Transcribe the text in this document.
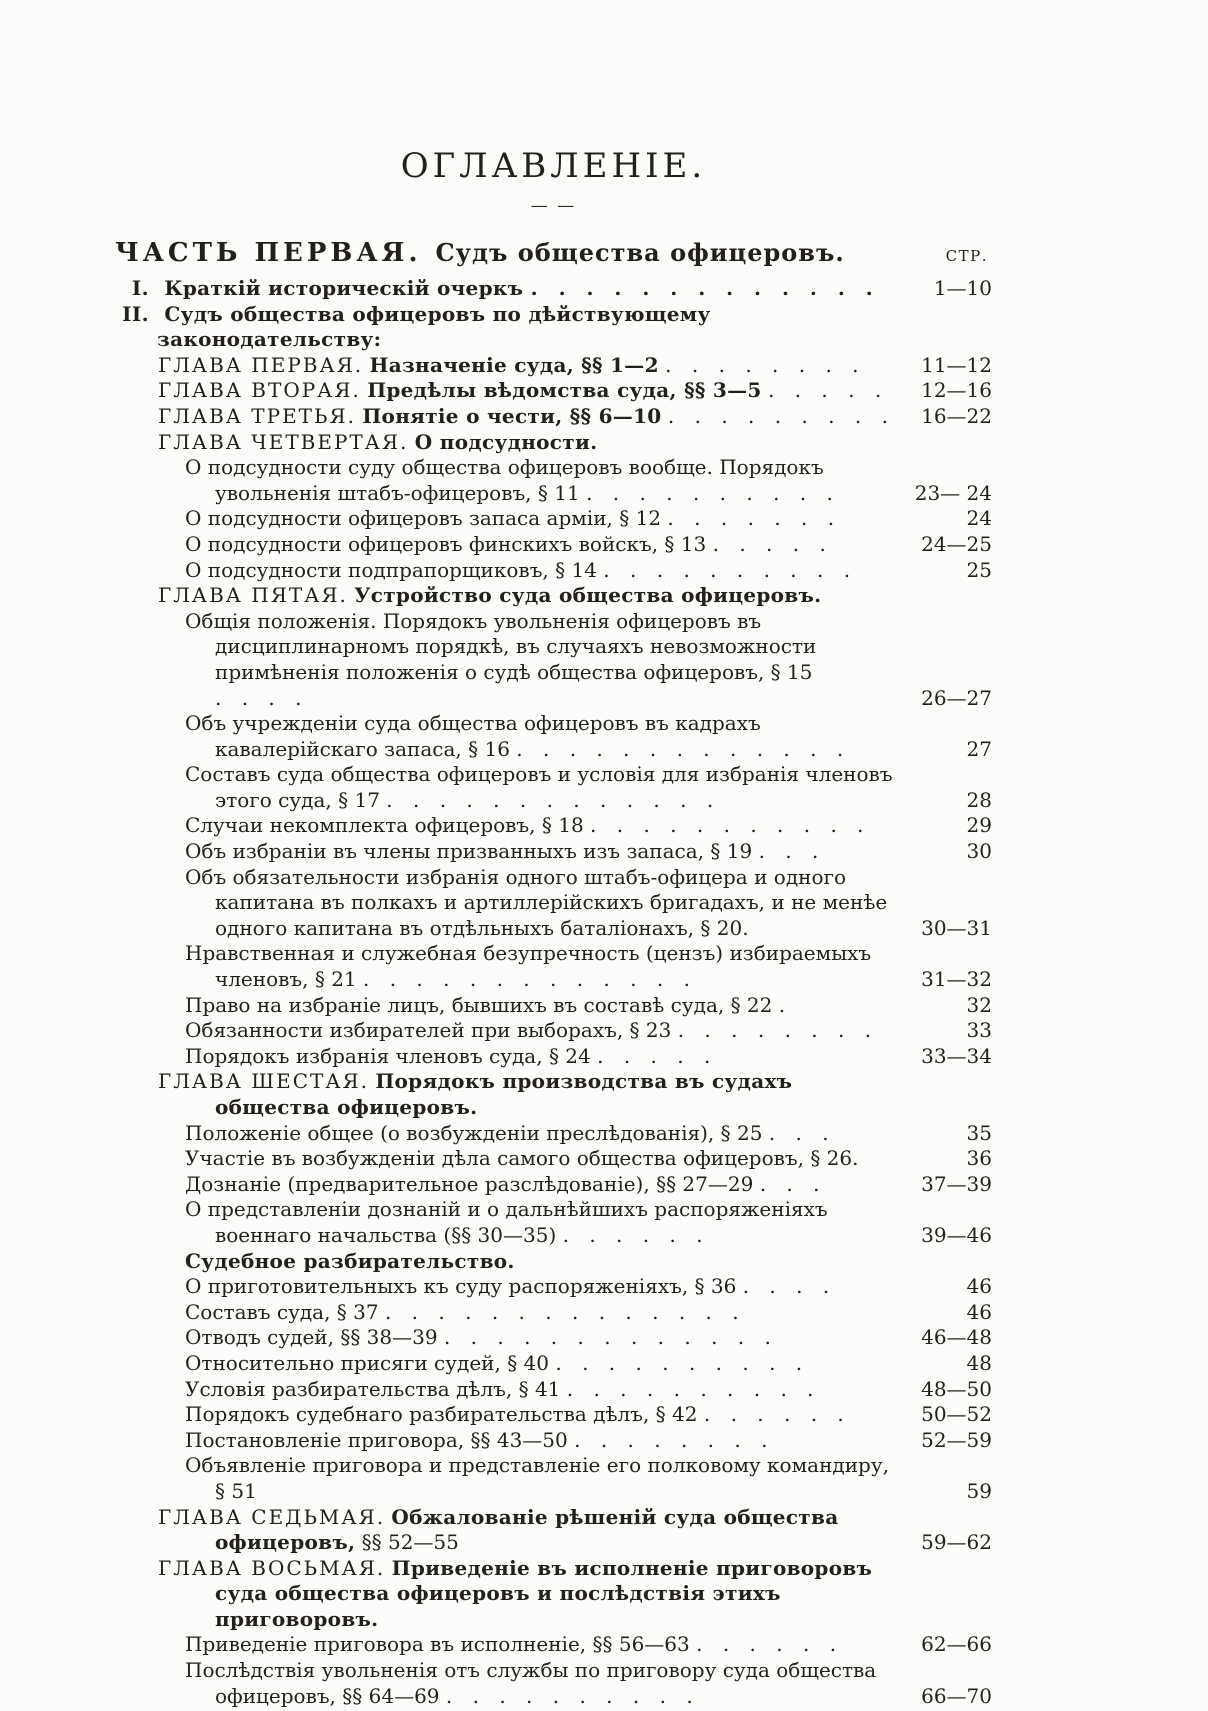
ОГЛАВЛЕНІЕ.
— —
ЧАСТЬ ПЕРВАЯ. Судъ общества офицеровъ.	СТР.
I. Краткій историческій очеркъ . . . . . . . . . . . . .	1—10
II. Судъ общества офицеровъ по дѣйствующему законодательству:
ГЛАВА ПЕРВАЯ. Назначеніе суда, §§ 1—2 . . . . . . . .	11—12
ГЛАВА ВТОРАЯ. Предѣлы вѣдомства суда, §§ 3—5 . . . . .	12—16
ГЛАВА ТРЕТЬЯ. Понятіе о чести, §§ 6—10 . . . . . . . . .	16—22
ГЛАВА ЧЕТВЕРТАЯ. О подсудности.
О подсудности суду общества офицеровъ вообще. Порядокъ увольненія штабъ-офицеровъ, § 11 . . . . . . . . . .	23— 24
О подсудности офицеровъ запаса арміи, § 12 . . . . . . .	24
О подсудности офицеровъ финскихъ войскъ, § 13 . . . . .	24—25
О подсудности подпрапорщиковъ, § 14 . . . . . . . . . .	25
ГЛАВА ПЯТАЯ. Устройство суда общества офицеровъ.
Общія положенія. Порядокъ увольненія офицеровъ въ дисциплинарномъ порядкѣ, въ случаяхъ невозможности примѣненія положенія о судѣ общества офицеровъ, § 15 . . . .	26—27
Объ учрежденіи суда общества офицеровъ въ кадрахъ кавалерійскаго запаса, § 16 . . . . . . . . . . . . .	27
Составъ суда общества офицеровъ и условія для избранія членовъ этого суда, § 17 . . . . . . . . . . . . .	28
Случаи некомплекта офицеровъ, § 18 . . . . . . . . . . .	29
Объ избраніи въ члены призванныхъ изъ запаса, § 19 . . .	30
Объ обязательности избранія одного штабъ-офицера и одного капитана въ полкахъ и артиллерійскихъ бригадахъ, и не менѣе одного капитана въ отдѣльныхъ баталіонахъ, § 20.	30—31
Нравственная и служебная безупречность (цензъ) избираемыхъ членовъ, § 21 . . . . . . . . . . . . .	31—32
Право на избраніе лицъ, бывшихъ въ составѣ суда, § 22 .	32
Обязанности избирателей при выборахъ, § 23 . . . . . . . .	33
Порядокъ избранія членовъ суда, § 24 . . . . .	33—34
ГЛАВА ШЕСТАЯ. Порядокъ производства въ судахъ общества офицеровъ.
Положеніе общее (о возбужденіи преслѣдованія), § 25 . . .	35
Участіе въ возбужденіи дѣла самого общества офицеровъ, § 26.	36
Дознаніе (предварительное разслѣдованіе), §§ 27—29 . . .	37—39
О представленіи дознаній и о дальнѣйшихъ распоряженіяхъ военнаго начальства (§§ 30—35) . . . . . .	39—46
Судебное разбирательство.
О приготовительныхъ къ суду распоряженіяхъ, § 36 . . . .	46
Составъ суда, § 37 . . . . . . . . . . . . . .	46
Отводъ судей, §§ 38—39 . . . . . . . . . . . . .	46—48
Относительно присяги судей, § 40 . . . . . . . . . .	48
Условія разбирательства дѣлъ, § 41 . . . . . . . . . .	48—50
Порядокъ судебнаго разбирательства дѣлъ, § 42 . . . . . .	50—52
Постановленіе приговора, §§ 43—50 . . . . . . . .	52—59
Объявленіе приговора и представленіе его полковому командиру, § 51	59
ГЛАВА СЕДЬМАЯ. Обжалованіе рѣшеній суда общества офицеровъ, §§ 52—55	59—62
ГЛАВА ВОСЬМАЯ. Приведеніе въ исполненіе приговоровъ суда общества офицеровъ и послѣдствія этихъ приговоровъ.
Приведеніе приговора въ исполненіе, §§ 56—63 . . . . . .	62—66
Послѣдствія увольненія отъ службы по приговору суда общества офицеровъ, §§ 64—69 . . . . . . . . . .	66—70
